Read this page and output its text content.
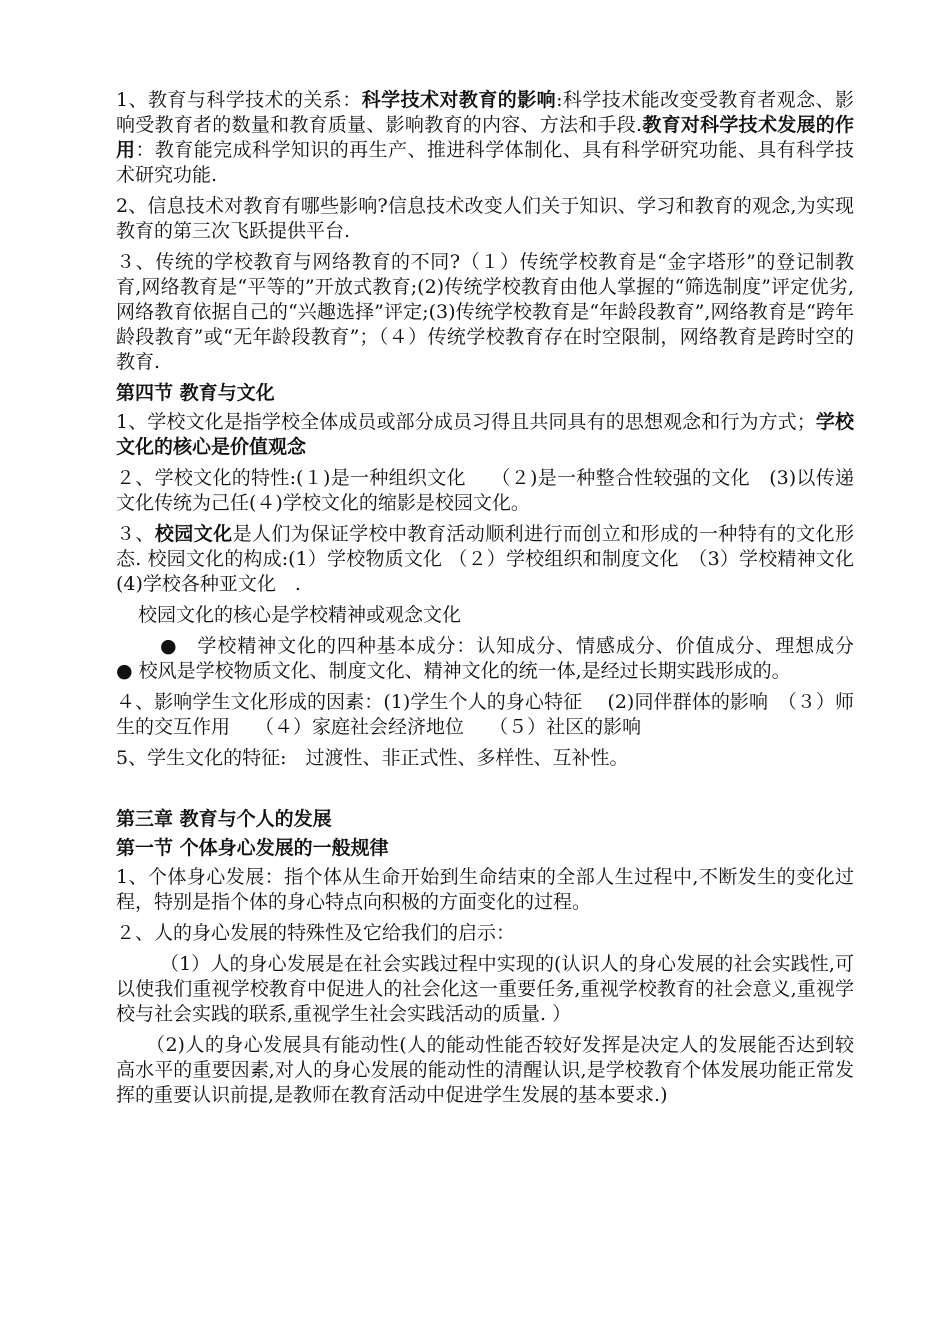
1、教育与科学技术的关系：科学技术对教育的影响:科学技术能改变受教育者观念、影响受教育者的数量和教育质量、影响教育的内容、方法和手段.教育对科学技术发展的作用：教育能完成科学知识的再生产、推进科学体制化、具有科学研究功能、具有科学技术研究功能.

2、信息技术对教育有哪些影响?信息技术改变人们关于知识、学习和教育的观念,为实现教育的第三次飞跃提供平台.

３、传统的学校教育与网络教育的不同?（１）传统学校教育是“金字塔形”的登记制教育,网络教育是“平等的”开放式教育;(2)传统学校教育由他人掌握的“筛选制度”评定优劣,网络教育依据自己的“兴趣选择”评定;(3)传统学校教育是“年龄段教育”,网络教育是“跨年龄段教育”或“无年龄段教育”；（４）传统学校教育存在时空限制，网络教育是跨时空的教育.

第四节 教育与文化

1、学校文化是指学校全体成员或部分成员习得且共同具有的思想观念和行为方式；学校文化的核心是价值观念

２、学校文化的特性:(１)是一种组织文化　 （２)是一种整合性较强的文化　(3)以传递文化传统为己任(４)学校文化的缩影是校园文化。

３、校园文化是人们为保证学校中教育活动顺利进行而创立和形成的一种特有的文化形态. 校园文化的构成:(1）学校物质文化 （２）学校组织和制度文化　（3）学校精神文化　(4)学校各种亚文化　.

校园文化的核心是学校精神或观念文化

●　学校精神文化的四种基本成分：认知成分、情感成分、价值成分、理想成分　● 校风是学校物质文化、制度文化、精神文化的统一体,是经过长期实践形成的。

４、影响学生文化形成的因素：(1)学生个人的身心特征　 (2)同伴群体的影响　（３）师生的交互作用　 （４）家庭社会经济地位　 （５）社区的影响

5、学生文化的特征:　过渡性、非正式性、多样性、互补性。

第三章 教育与个人的发展
第一节 个体身心发展的一般规律

1、个体身心发展：指个体从生命开始到生命结束的全部人生过程中,不断发生的变化过程，特别是指个体的身心特点向积极的方面变化的过程。

２、人的身心发展的特殊性及它给我们的启示：

（1）人的身心发展是在社会实践过程中实现的(认识人的身心发展的社会实践性,可以使我们重视学校教育中促进人的社会化这一重要任务,重视学校教育的社会意义,重视学校与社会实践的联系,重视学生社会实践活动的质量. ）

（2)人的身心发展具有能动性(人的能动性能否较好发挥是决定人的发展能否达到较高水平的重要因素,对人的身心发展的能动性的清醒认识,是学校教育个体发展功能正常发挥的重要认识前提,是教师在教育活动中促进学生发展的基本要求.)
